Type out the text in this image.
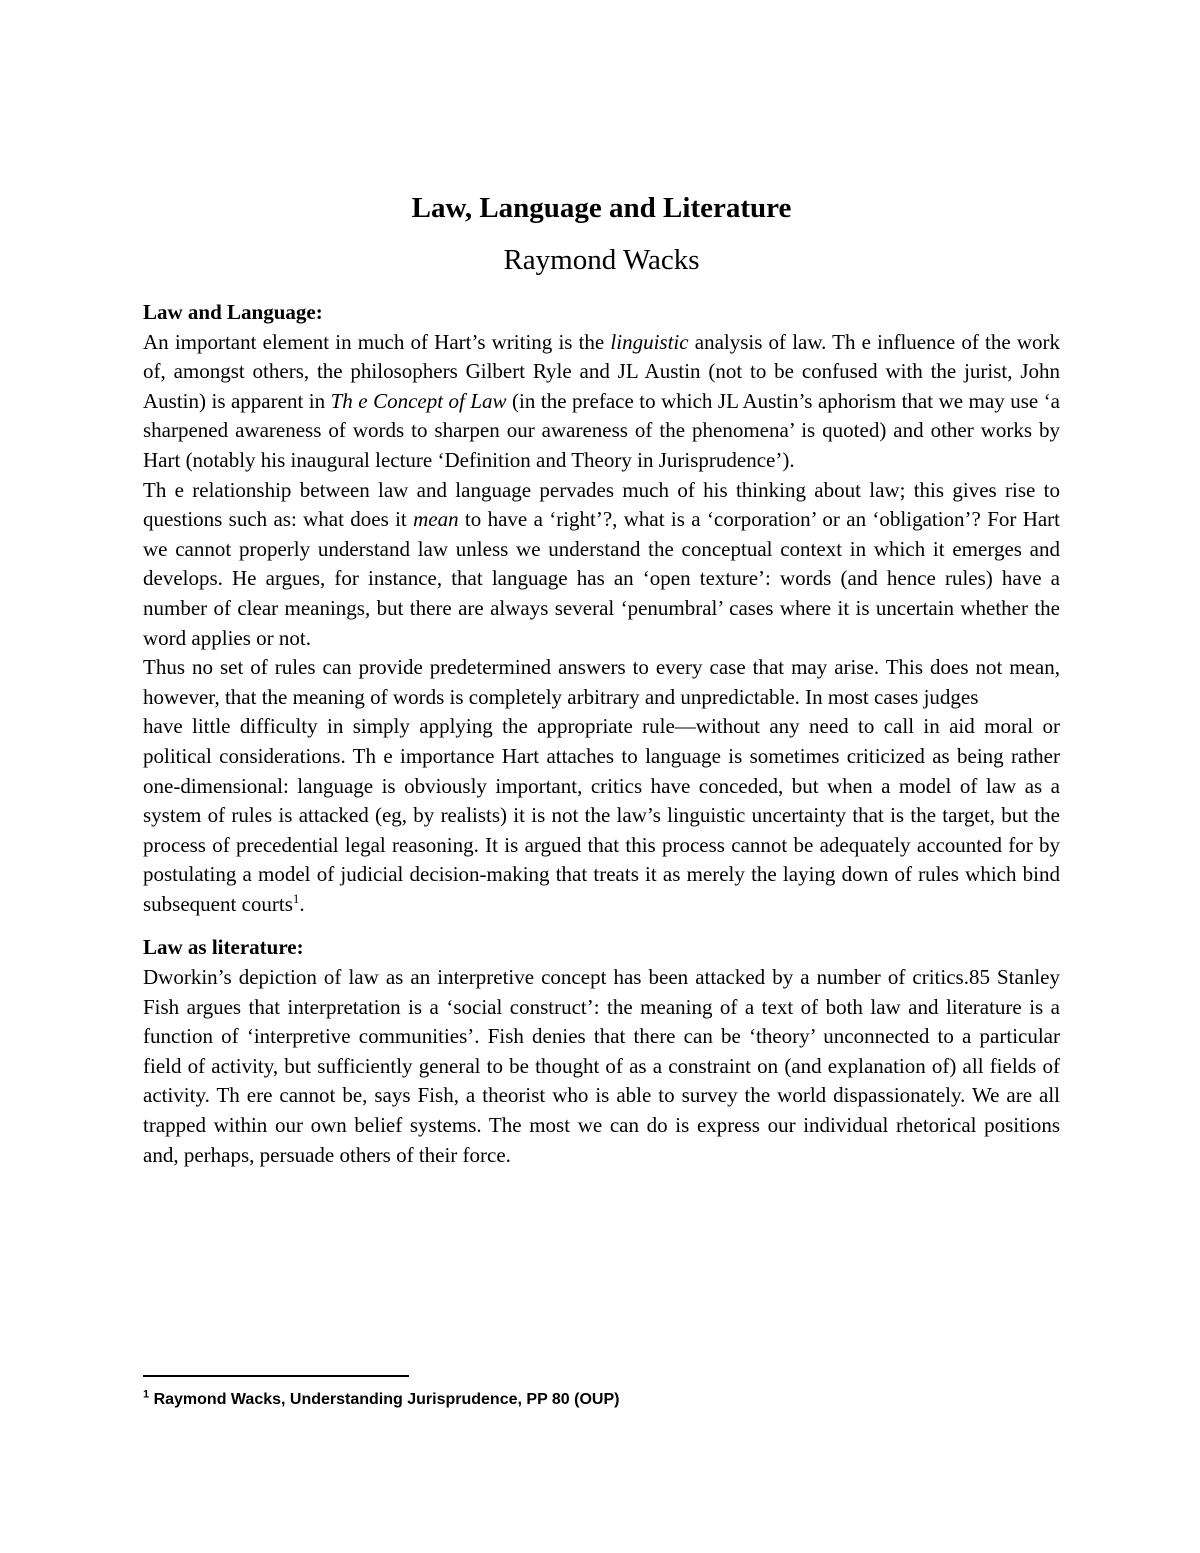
Law, Language and Literature
Raymond Wacks
Law and Language:

An important element in much of Hart’s writing is the linguistic analysis of law. Th e influence of the work of, amongst others, the philosophers Gilbert Ryle and JL Austin (not to be confused with the jurist, John Austin) is apparent in Th e Concept of Law (in the preface to which JL Austin’s aphorism that we may use ‘a sharpened awareness of words to sharpen our awareness of the phenomena’ is quoted) and other works by Hart (notably his inaugural lecture ‘Definition and Theory in Jurisprudence’).

Th e relationship between law and language pervades much of his thinking about law; this gives rise to questions such as: what does it mean to have a ‘right’?, what is a ‘corporation’ or an ‘obligation’? For Hart we cannot properly understand law unless we understand the conceptual context in which it emerges and develops. He argues, for instance, that language has an ‘open texture’: words (and hence rules) have a number of clear meanings, but there are always several ‘penumbral’ cases where it is uncertain whether the word applies or not.

Thus no set of rules can provide predetermined answers to every case that may arise. This does not mean, however, that the meaning of words is completely arbitrary and unpredictable. In most cases judges

have little difficulty in simply applying the appropriate rule—without any need to call in aid moral or political considerations. Th e importance Hart attaches to language is sometimes criticized as being rather one-dimensional: language is obviously important, critics have conceded, but when a model of law as a system of rules is attacked (eg, by realists) it is not the law’s linguistic uncertainty that is the target, but the process of precedential legal reasoning. It is argued that this process cannot be adequately accounted for by postulating a model of judicial decision-making that treats it as merely the laying down of rules which bind subsequent courts$^1$.

Law as literature:

Dworkin’s depiction of law as an interpretive concept has been attacked by a number of critics.85 Stanley Fish argues that interpretation is a ‘social construct’: the meaning of a text of both law and literature is a function of ‘interpretive communities’. Fish denies that there can be ‘theory’ unconnected to a particular field of activity, but sufficiently general to be thought of as a constraint on (and explanation of) all fields of activity. Th ere cannot be, says Fish, a theorist who is able to survey the world dispassionately. We are all trapped within our own belief systems. The most we can do is express our individual rhetorical positions and, perhaps, persuade others of their force.

$^1$ Raymond Wacks, Understanding Jurisprudence, PP 80 (OUP)
